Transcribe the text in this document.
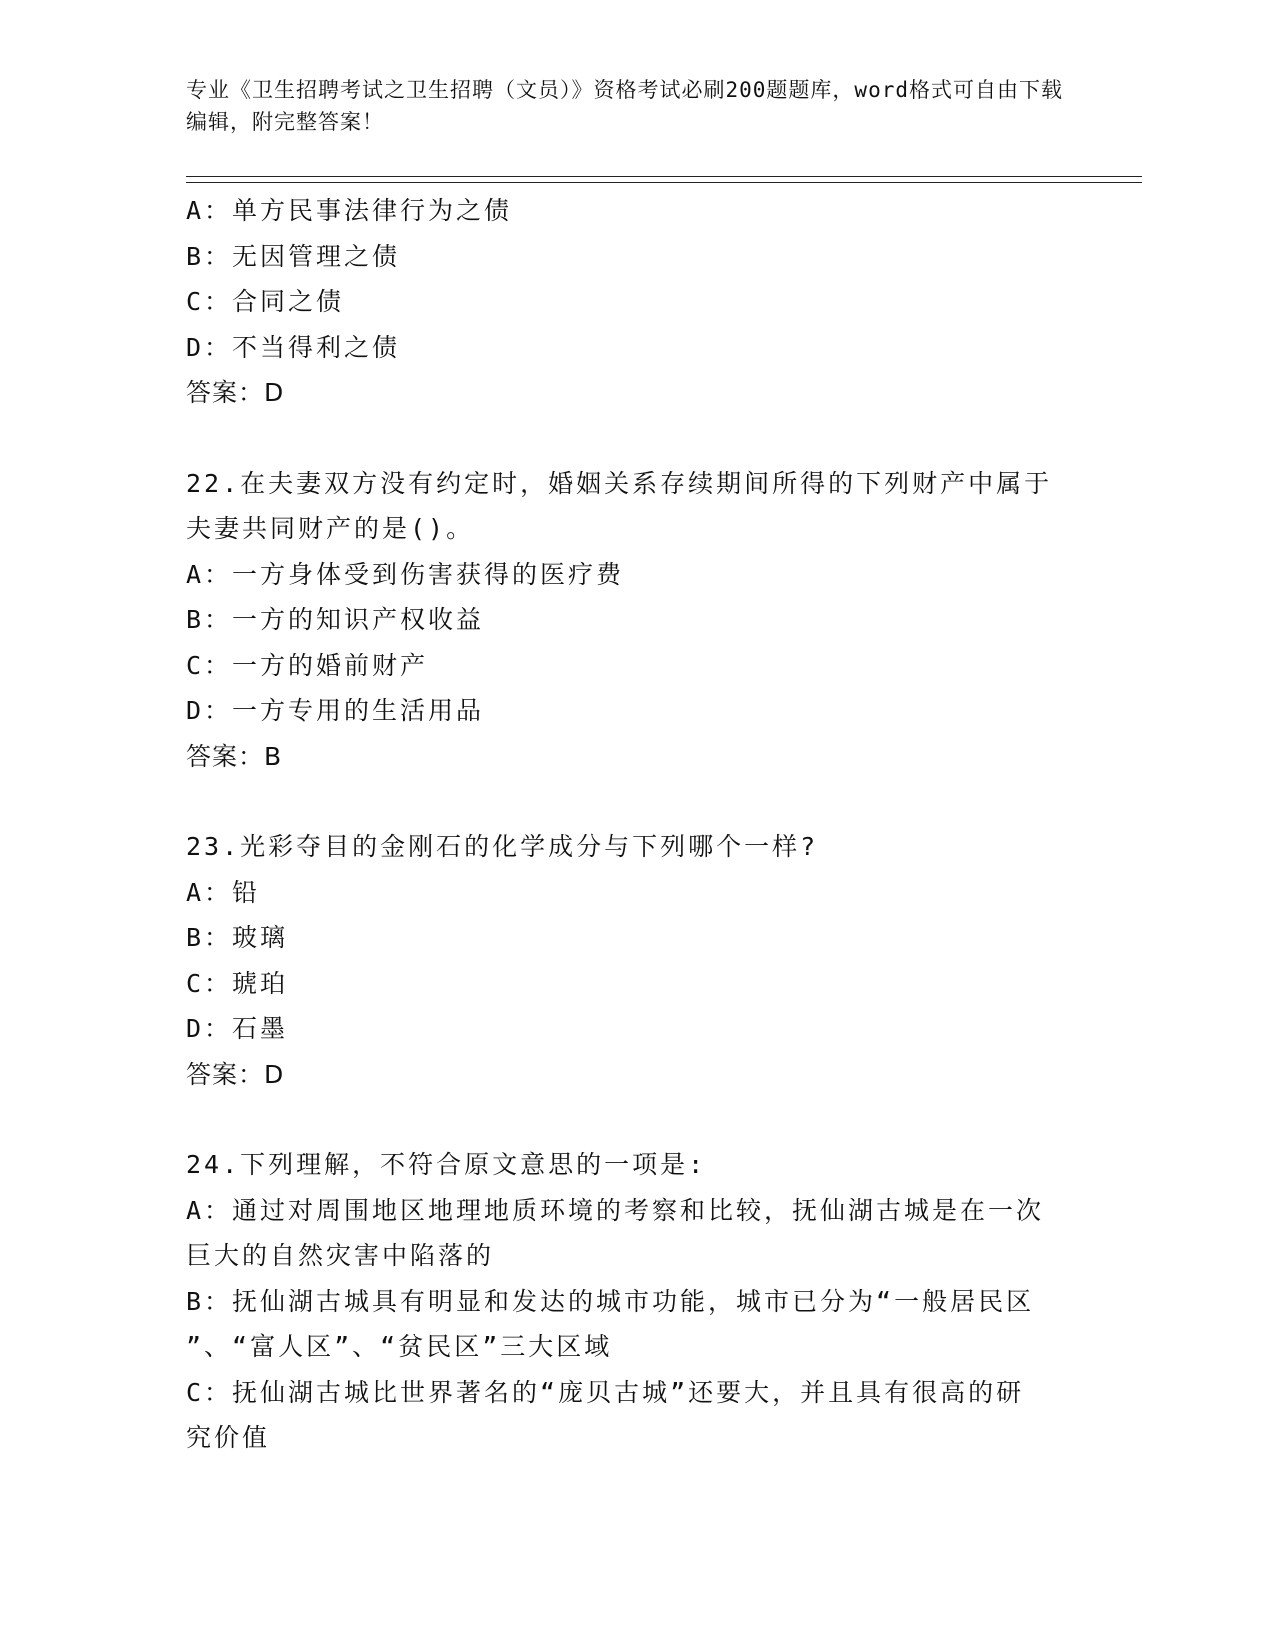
专业《卫生招聘考试之卫生招聘（文员）》资格考试必刷200题题库，word格式可自由下载编辑，附完整答案！
A：单方民事法律行为之债
B：无因管理之债
C：合同之债
D：不当得利之债
答案：D
22.在夫妻双方没有约定时，婚姻关系存续期间所得的下列财产中属于
夫妻共同财产的是()。
A：一方身体受到伤害获得的医疗费
B：一方的知识产权收益
C：一方的婚前财产
D：一方专用的生活用品
答案：B
23.光彩夺目的金刚石的化学成分与下列哪个一样?
A：铅
B：玻璃
C：琥珀
D：石墨
答案：D
24.下列理解，不符合原文意思的一项是:
A：通过对周围地区地理地质环境的考察和比较，抚仙湖古城是在一次
巨大的自然灾害中陷落的
B：抚仙湖古城具有明显和发达的城市功能，城市已分为“一般居民区
”、“富人区”、“贫民区”三大区域
C：抚仙湖古城比世界著名的“庞贝古城”还要大，并且具有很高的研
究价值
